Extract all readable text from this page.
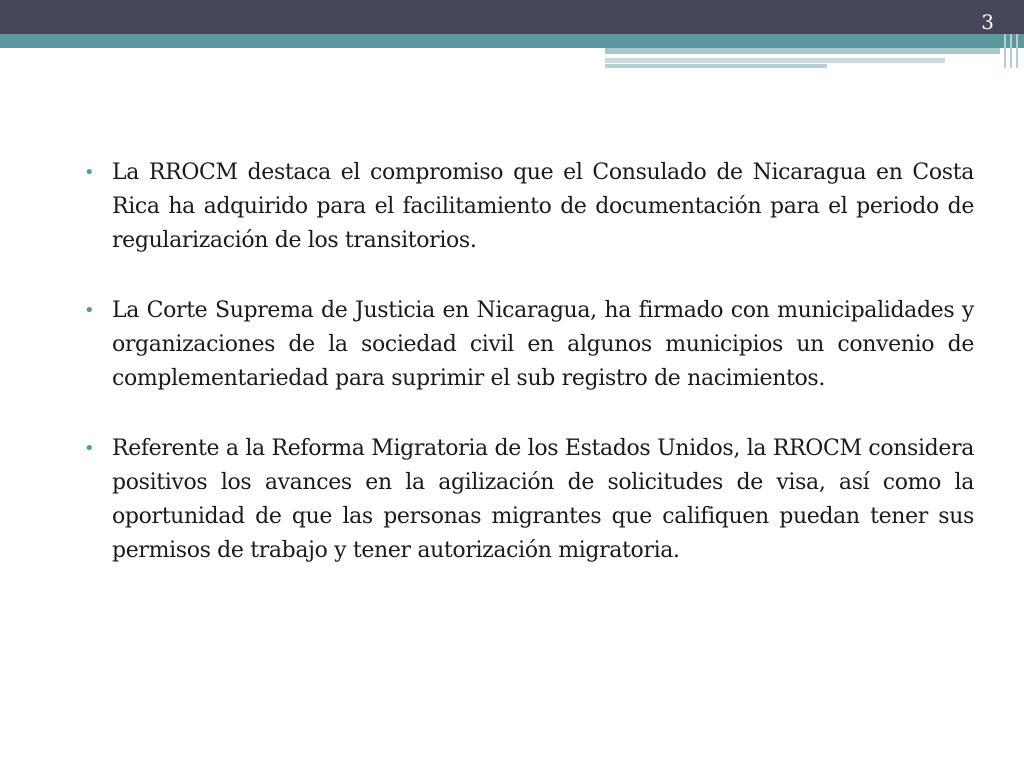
3
• La RROCM destaca el compromiso que el Consulado de Nicaragua en Costa Rica ha adquirido para el facilitamiento de documentación para el periodo de regularización de los transitorios.
• La Corte Suprema de Justicia en Nicaragua, ha firmado con municipalidades y organizaciones de la sociedad civil en algunos municipios un convenio de complementariedad para suprimir el sub registro de nacimientos.
• Referente a la Reforma Migratoria de los Estados Unidos, la RROCM considera positivos los avances en la agilización de solicitudes de visa, así como la oportunidad de que las personas migrantes que califiquen puedan tener sus permisos de trabajo y tener autorización migratoria.
